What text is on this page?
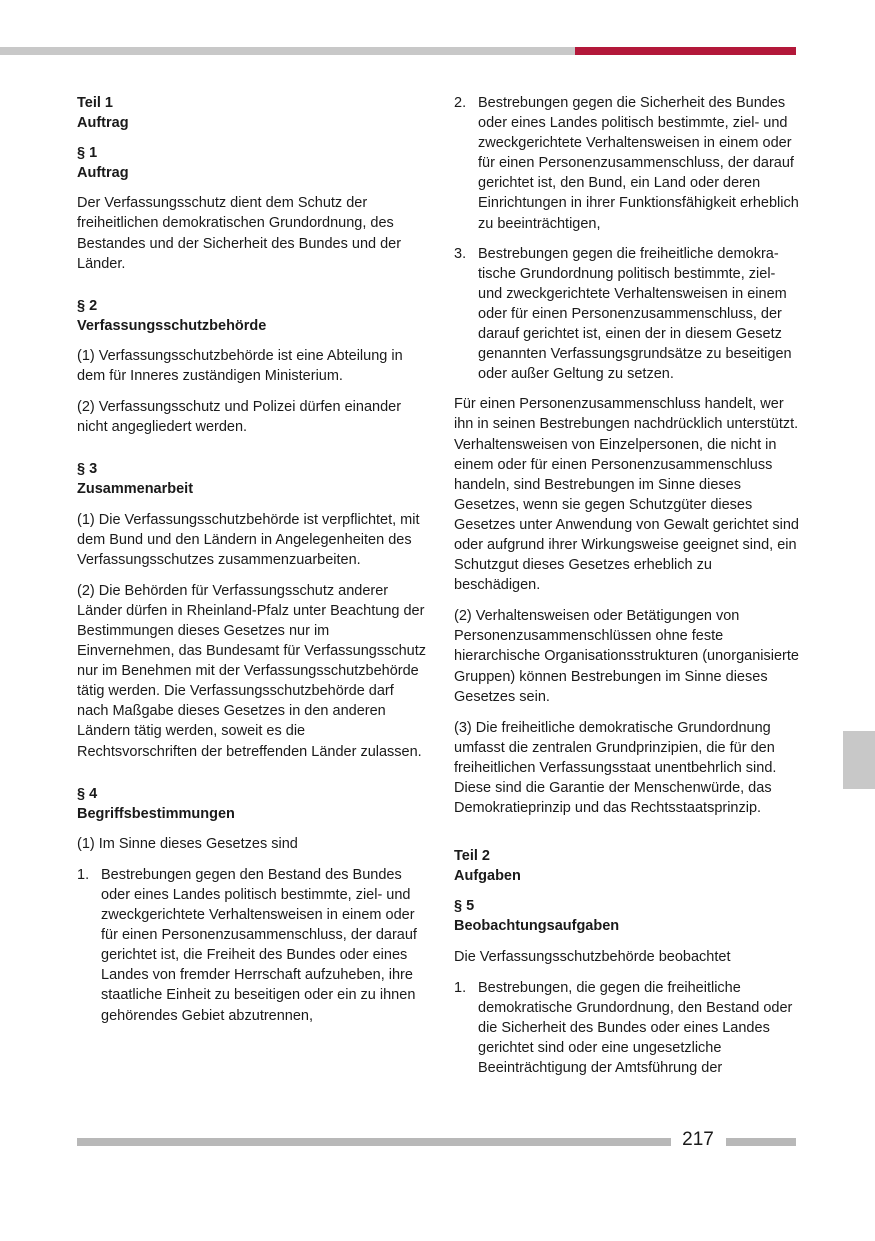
Teil 1
Auftrag
§ 1
Auftrag

Der Verfassungsschutz dient dem Schutz der freiheitlichen demokratischen Grundordnung, des Bestandes und der Sicherheit des Bundes und der Länder.

§ 2
Verfassungsschutzbehörde

(1) Verfassungsschutzbehörde ist eine Abteilung in dem für Inneres zuständigen Ministerium.

(2) Verfassungsschutz und Polizei dürfen einander nicht angegliedert werden.

§ 3
Zusammenarbeit

(1) Die Verfassungsschutzbehörde ist verpflichtet, mit dem Bund und den Ländern in Angelegenheiten des Verfassungsschutzes zusammenzuarbeiten.

(2) Die Behörden für Verfassungsschutz anderer Länder dürfen in Rheinland-Pfalz unter Beachtung der Bestimmungen dieses Gesetzes nur im Einvernehmen, das Bundesamt für Verfassungsschutz nur im Benehmen mit der Verfassungsschutzbehörde tätig werden. Die Verfassungsschutzbehörde darf nach Maßgabe dieses Gesetzes in den anderen Ländern tätig werden, soweit es die Rechtsvorschriften der betreffenden Länder zulassen.

§ 4
Begriffsbestimmungen

(1) Im Sinne dieses Gesetzes sind

1. Bestrebungen gegen den Bestand des Bundes oder eines Landes politisch bestimmte, ziel- und zweckgerichtete Verhaltensweisen in einem oder für einen Personenzusammenschluss, der darauf gerichtet ist, die Freiheit des Bundes oder eines Landes von fremder Herrschaft aufzuheben, ihre staatliche Einheit zu beseitigen oder ein zu ihnen gehörendes Gebiet abzutrennen,
2. Bestrebungen gegen die Sicherheit des Bundes oder eines Landes politisch bestimmte, ziel- und zweckgerichtete Verhaltensweisen in einem oder für einen Personenzusammenschluss, der darauf gerichtet ist, den Bund, ein Land oder deren Einrichtungen in ihrer Funktionsfähigkeit erheblich zu beeinträchtigen,
3. Bestrebungen gegen die freiheitliche demokratische Grundordnung politisch bestimmte, ziel- und zweckgerichtete Verhaltensweisen in einem oder für einen Personenzusammenschluss, der darauf gerichtet ist, einen der in diesem Gesetz genannten Verfassungsgrundsätze zu beseitigen oder außer Geltung zu setzen.

Für einen Personenzusammenschluss handelt, wer ihn in seinen Bestrebungen nachdrücklich unterstützt. Verhaltensweisen von Einzelpersonen, die nicht in einem oder für einen Personenzusammenschluss handeln, sind Bestrebungen im Sinne dieses Gesetzes, wenn sie gegen Schutzgüter dieses Gesetzes unter Anwendung von Gewalt gerichtet sind oder aufgrund ihrer Wirkungsweise geeignet sind, ein Schutzgut dieses Gesetzes erheblich zu beschädigen.

(2) Verhaltensweisen oder Betätigungen von Personenzusammenschlüssen ohne feste hierarchische Organisationsstrukturen (unorganisierte Gruppen) können Bestrebungen im Sinne dieses Gesetzes sein.

(3) Die freiheitliche demokratische Grundordnung umfasst die zentralen Grundprinzipien, die für den freiheitlichen Verfassungsstaat unentbehrlich sind. Diese sind die Garantie der Menschenwürde, das Demokratieprinzip und das Rechtsstaatsprinzip.

Teil 2
Aufgaben
§ 5
Beobachtungsaufgaben

Die Verfassungsschutzbehörde beobachtet

1. Bestrebungen, die gegen die freiheitliche demokratische Grundordnung, den Bestand oder die Sicherheit des Bundes oder eines Landes gerichtet sind oder eine ungesetzliche Beeinträchtigung der Amtsführung der
217
